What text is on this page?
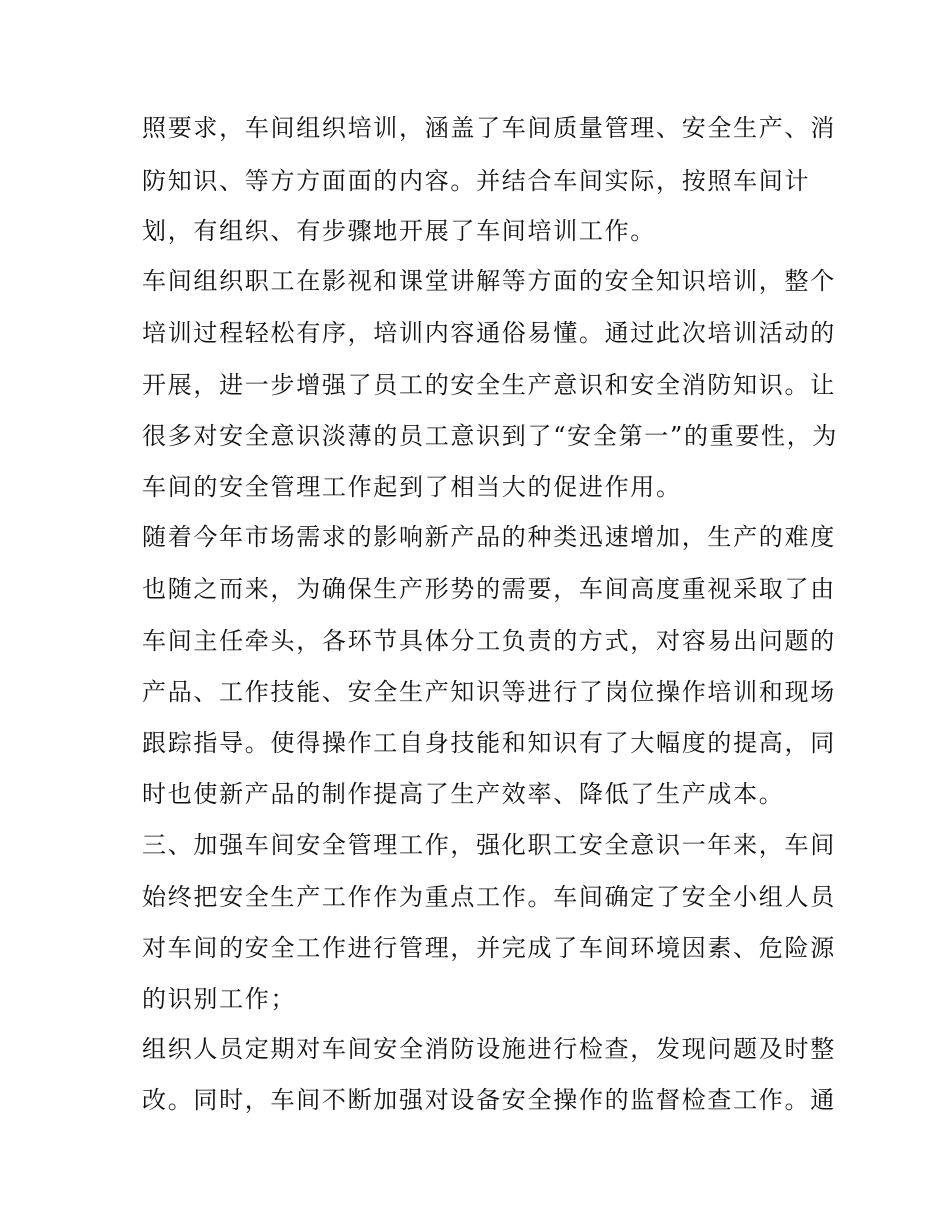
照要求，车间组织培训，涵盖了车间质量管理、安全生产、消
防知识、等方方面面的内容。并结合车间实际，按照车间计
划，有组织、有步骤地开展了车间培训工作。
车间组织职工在影视和课堂讲解等方面的安全知识培训，整个
培训过程轻松有序，培训内容通俗易懂。通过此次培训活动的
开展，进一步增强了员工的安全生产意识和安全消防知识。让
很多对安全意识淡薄的员工意识到了“安全第一”的重要性，为
车间的安全管理工作起到了相当大的促进作用。
随着今年市场需求的影响新产品的种类迅速增加，生产的难度
也随之而来，为确保生产形势的需要，车间高度重视采取了由
车间主任牵头，各环节具体分工负责的方式，对容易出问题的
产品、工作技能、安全生产知识等进行了岗位操作培训和现场
跟踪指导。使得操作工自身技能和知识有了大幅度的提高，同
时也使新产品的制作提高了生产效率、降低了生产成本。
三、加强车间安全管理工作，强化职工安全意识一年来，车间
始终把安全生产工作作为重点工作。车间确定了安全小组人员
对车间的安全工作进行管理，并完成了车间环境因素、危险源
的识别工作；
组织人员定期对车间安全消防设施进行检查，发现问题及时整
改。同时，车间不断加强对设备安全操作的监督检查工作。通
